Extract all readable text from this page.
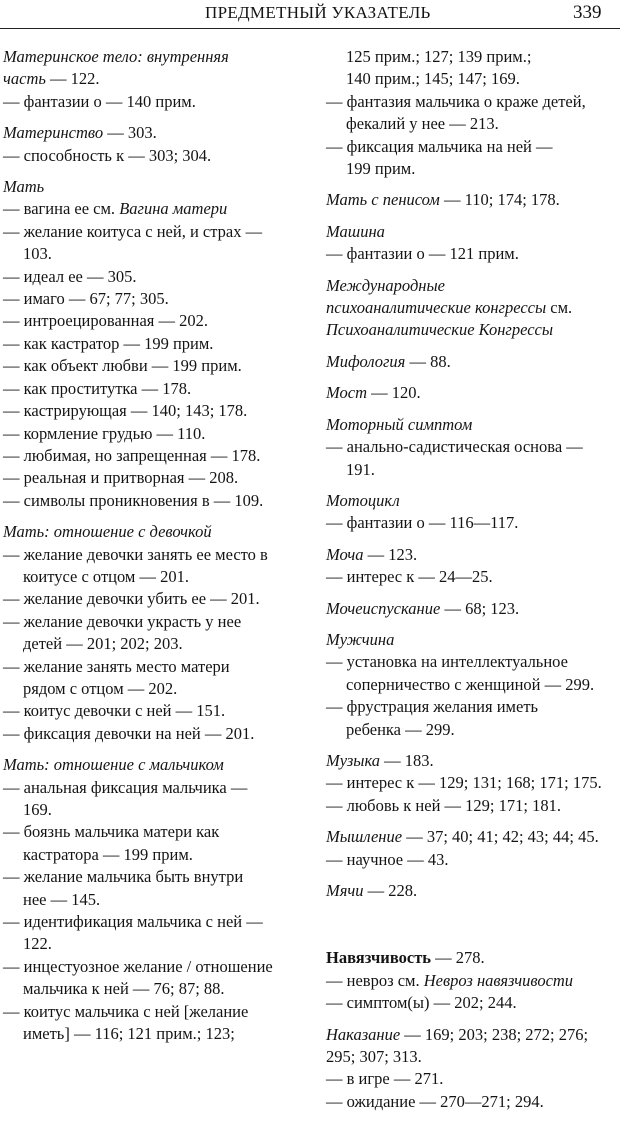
ПРЕДМЕТНЫЙ УКАЗАТЕЛЬ	339
Материнское тело: внутренняя
часть — 122.
— фантазии о — 140 прим.
Материнство — 303.
— способность к — 303; 304.
Мать
— вагина ее см. Вагина матери
— желание коитуса с ней, и страх —
103.
— идеал ее — 305.
— имаго — 67; 77; 305.
— интроецированная — 202.
— как кастратор — 199 прим.
— как объект любви — 199 прим.
— как проститутка — 178.
— кастрирующая — 140; 143; 178.
— кормление грудью — 110.
— любимая, но запрещенная — 178.
— реальная и притворная — 208.
— символы проникновения в — 109.
Мать: отношение с девочкой
— желание девочки занять ее место в
коитусе с отцом — 201.
— желание девочки убить ее — 201.
— желание девочки украсть у нее
детей — 201; 202; 203.
— желание занять место матери
рядом с отцом — 202.
— коитус девочки с ней — 151.
— фиксация девочки на ней — 201.
Мать: отношение с мальчиком
— анальная фиксация мальчика —
169.
— боязнь мальчика матери как
кастратора — 199 прим.
— желание мальчика быть внутри
нее — 145.
— идентификация мальчика с ней —
122.
— инцестуозное желание / отношение
мальчика к ней — 76; 87; 88.
— коитус мальчика с ней [желание
иметь] — 116; 121 прим.; 123;
125 прим.; 127; 139 прим.;
140 прим.; 145; 147; 169.
— фантазия мальчика о краже детей,
фекалий у нее — 213.
— фиксация мальчика на ней —
199 прим.
Мать с пенисом — 110; 174; 178.
Машина
— фантазии о — 121 прим.
Международные
психоаналитические конгрессы см.
Психоаналитические Конгрессы
Мифология — 88.
Мост — 120.
Моторный симптом
— анально-садистическая основа —
191.
Мотоцикл
— фантазии о — 116—117.
Моча — 123.
— интерес к — 24—25.
Мочеиспускание — 68; 123.
Мужчина
— установка на интеллектуальное
соперничество с женщиной — 299.
— фрустрация желания иметь
ребенка — 299.
Музыка — 183.
— интерес к — 129; 131; 168; 171; 175.
— любовь к ней — 129; 171; 181.
Мышление — 37; 40; 41; 42; 43; 44; 45.
— научное — 43.
Мячи — 228.
Навязчивость — 278.
— невроз см. Невроз навязчивости
— симптом(ы) — 202; 244.
Наказание — 169; 203; 238; 272; 276;
295; 307; 313.
— в игре — 271.
— ожидание — 270—271; 294.
